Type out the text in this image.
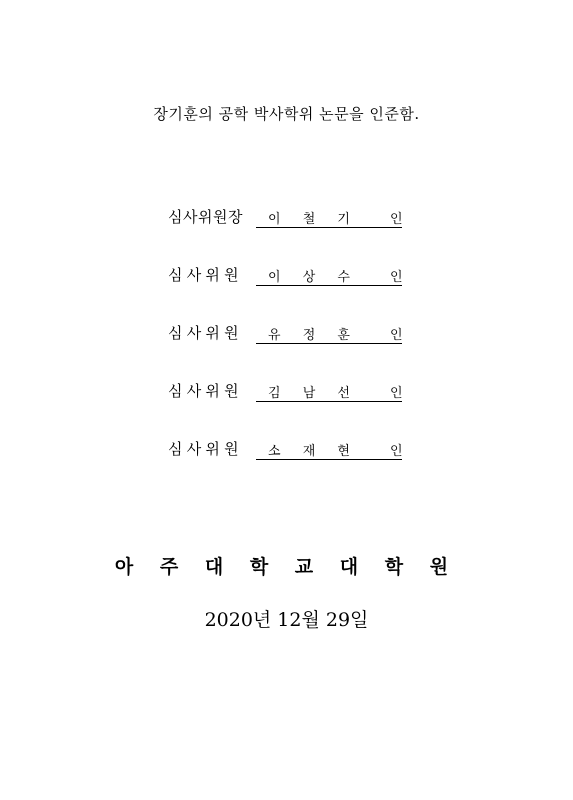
장기훈의 공학 박사학위 논문을 인준함.
심사위원장 이 철 기 인
심사위원 이 상 수 인
심사위원 유 정 훈 인
심사위원 김 남 선 인
심사위원 소 재 현 인
아 주 대 학 교 대 학 원
2020년 12월 29일
